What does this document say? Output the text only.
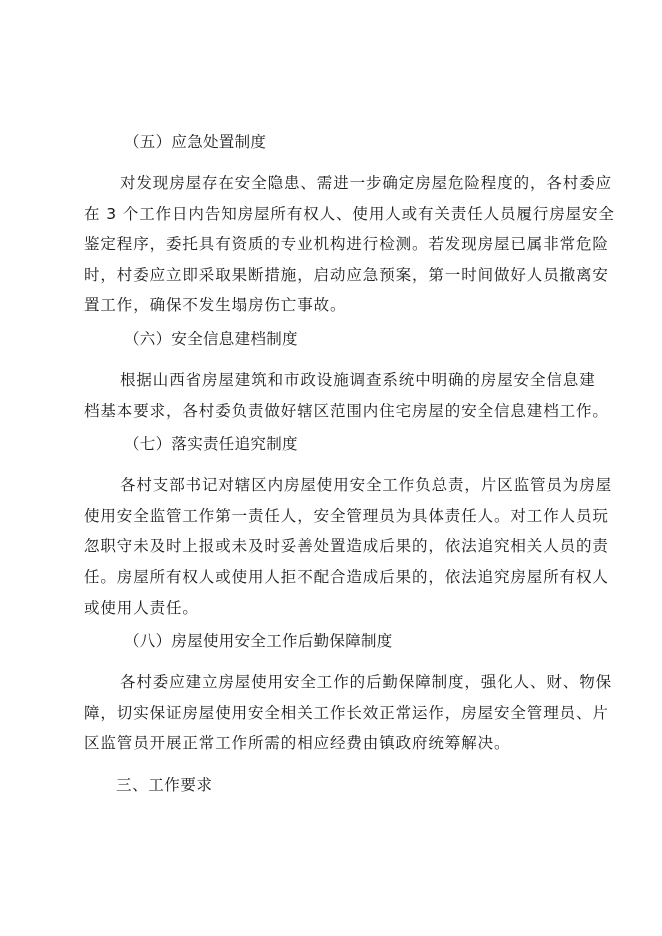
（五）应急处置制度
对发现房屋存在安全隐患、需进一步确定房屋危险程度的，各村委应
在 3 个工作日内告知房屋所有权人、使用人或有关责任人员履行房屋安全
鉴定程序，委托具有资质的专业机构进行检测。若发现房屋已属非常危险
时，村委应立即采取果断措施，启动应急预案，第一时间做好人员撤离安
置工作，确保不发生塌房伤亡事故。
（六）安全信息建档制度
根据山西省房屋建筑和市政设施调查系统中明确的房屋安全信息建
档基本要求，各村委负责做好辖区范围内住宅房屋的安全信息建档工作。
（七）落实责任追究制度
各村支部书记对辖区内房屋使用安全工作负总责，片区监管员为房屋
使用安全监管工作第一责任人，安全管理员为具体责任人。对工作人员玩
忽职守未及时上报或未及时妥善处置造成后果的，依法追究相关人员的责
任。房屋所有权人或使用人拒不配合造成后果的，依法追究房屋所有权人
或使用人责任。
（八）房屋使用安全工作后勤保障制度
各村委应建立房屋使用安全工作的后勤保障制度，强化人、财、物保
障，切实保证房屋使用安全相关工作长效正常运作，房屋安全管理员、片
区监管员开展正常工作所需的相应经费由镇政府统筹解决。
三、工作要求
